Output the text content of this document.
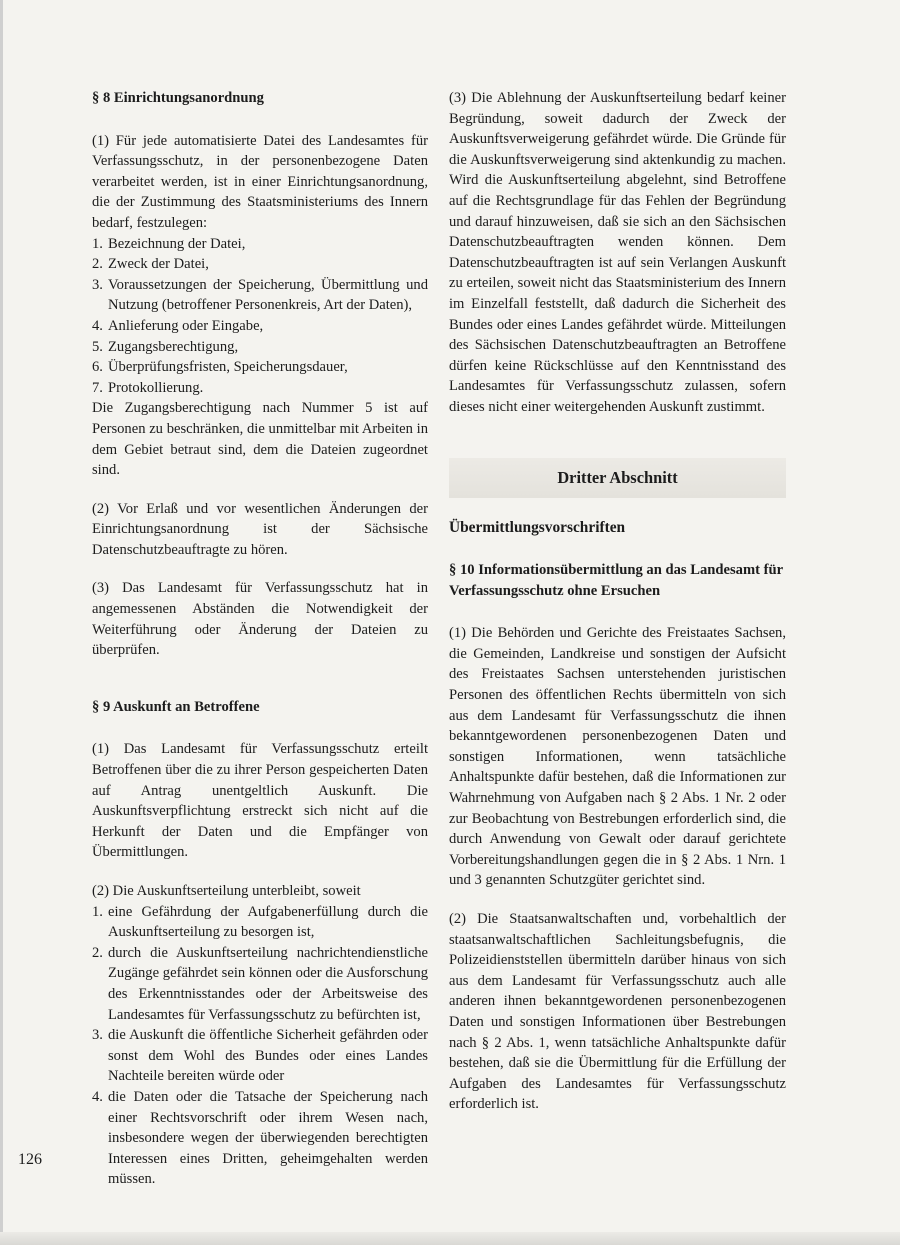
§ 8 Einrichtungsanordnung

(1) Für jede automatisierte Datei des Landesamtes für Verfassungsschutz, in der personenbezogene Daten verarbeitet werden, ist in einer Einrichtungsanordnung, die der Zustimmung des Staatsministeriums des Innern bedarf, festzulegen:

1. Bezeichnung der Datei,
2. Zweck der Datei,
3. Voraussetzungen der Speicherung, Übermittlung und Nutzung (betroffener Personenkreis, Art der Daten),
4. Anlieferung oder Eingabe,
5. Zugangsberechtigung,
6. Überprüfungsfristen, Speicherungsdauer,
7. Protokollierung.

Die Zugangsberechtigung nach Nummer 5 ist auf Personen zu beschränken, die unmittelbar mit Arbeiten in dem Gebiet betraut sind, dem die Dateien zugeordnet sind.

(2) Vor Erlaß und vor wesentlichen Änderungen der Einrichtungsanordnung ist der Sächsische Datenschutzbeauftragte zu hören.

(3) Das Landesamt für Verfassungsschutz hat in angemessenen Abständen die Notwendigkeit der Weiterführung oder Änderung der Dateien zu überprüfen.

§ 9 Auskunft an Betroffene

(1) Das Landesamt für Verfassungsschutz erteilt Betroffenen über die zu ihrer Person gespeicherten Daten auf Antrag unentgeltlich Auskunft. Die Auskunftsverpflichtung erstreckt sich nicht auf die Herkunft der Daten und die Empfänger von Übermittlungen.

(2) Die Auskunftserteilung unterbleibt, soweit

1. eine Gefährdung der Aufgabenerfüllung durch die Auskunftserteilung zu besorgen ist,
2. durch die Auskunftserteilung nachrichtendienstliche Zugänge gefährdet sein können oder die Ausforschung des Erkenntnisstandes oder der Arbeitsweise des Landesamtes für Verfassungsschutz zu befürchten ist,
3. die Auskunft die öffentliche Sicherheit gefährden oder sonst dem Wohl des Bundes oder eines Landes Nachteile bereiten würde oder
4. die Daten oder die Tatsache der Speicherung nach einer Rechtsvorschrift oder ihrem Wesen nach, insbesondere wegen der überwiegenden berechtigten Interessen eines Dritten, geheimgehalten werden müssen.

(3) Die Ablehnung der Auskunftserteilung bedarf keiner Begründung, soweit dadurch der Zweck der Auskunftsverweigerung gefährdet würde. Die Gründe für die Auskunftsverweigerung sind aktenkundig zu machen. Wird die Auskunftserteilung abgelehnt, sind Betroffene auf die Rechtsgrundlage für das Fehlen der Begründung und darauf hinzuweisen, daß sie sich an den Sächsischen Datenschutzbeauftragten wenden können. Dem Datenschutzbeauftragten ist auf sein Verlangen Auskunft zu erteilen, soweit nicht das Staatsministerium des Innern im Einzelfall feststellt, daß dadurch die Sicherheit des Bundes oder eines Landes gefährdet würde. Mitteilungen des Sächsischen Datenschutzbeauftragten an Betroffene dürfen keine Rückschlüsse auf den Kenntnisstand des Landesamtes für Verfassungsschutz zulassen, sofern dieses nicht einer weitergehenden Auskunft zustimmt.

Dritter Abschnitt
Übermittlungsvorschriften
§ 10 Informationsübermittlung an das Landesamt für Verfassungsschutz ohne Ersuchen

(1) Die Behörden und Gerichte des Freistaates Sachsen, die Gemeinden, Landkreise und sonstigen der Aufsicht des Freistaates Sachsen unterstehenden juristischen Personen des öffentlichen Rechts übermitteln von sich aus dem Landesamt für Verfassungsschutz die ihnen bekanntgewordenen personenbezogenen Daten und sonstigen Informationen, wenn tatsächliche Anhaltspunkte dafür bestehen, daß die Informationen zur Wahrnehmung von Aufgaben nach § 2 Abs. 1 Nr. 2 oder zur Beobachtung von Bestrebungen erforderlich sind, die durch Anwendung von Gewalt oder darauf gerichtete Vorbereitungshandlungen gegen die in § 2 Abs. 1 Nrn. 1 und 3 genannten Schutzgüter gerichtet sind.

(2) Die Staatsanwaltschaften und, vorbehaltlich der staatsanwaltschaftlichen Sachleitungsbefugnis, die Polizeidienststellen übermitteln darüber hinaus von sich aus dem Landesamt für Verfassungsschutz auch alle anderen ihnen bekanntgewordenen personenbezogenen Daten und sonstigen Informationen über Bestrebungen nach § 2 Abs. 1, wenn tatsächliche Anhaltspunkte dafür bestehen, daß sie die Übermittlung für die Erfüllung der Aufgaben des Landesamtes für Verfassungsschutz erforderlich ist.

126
